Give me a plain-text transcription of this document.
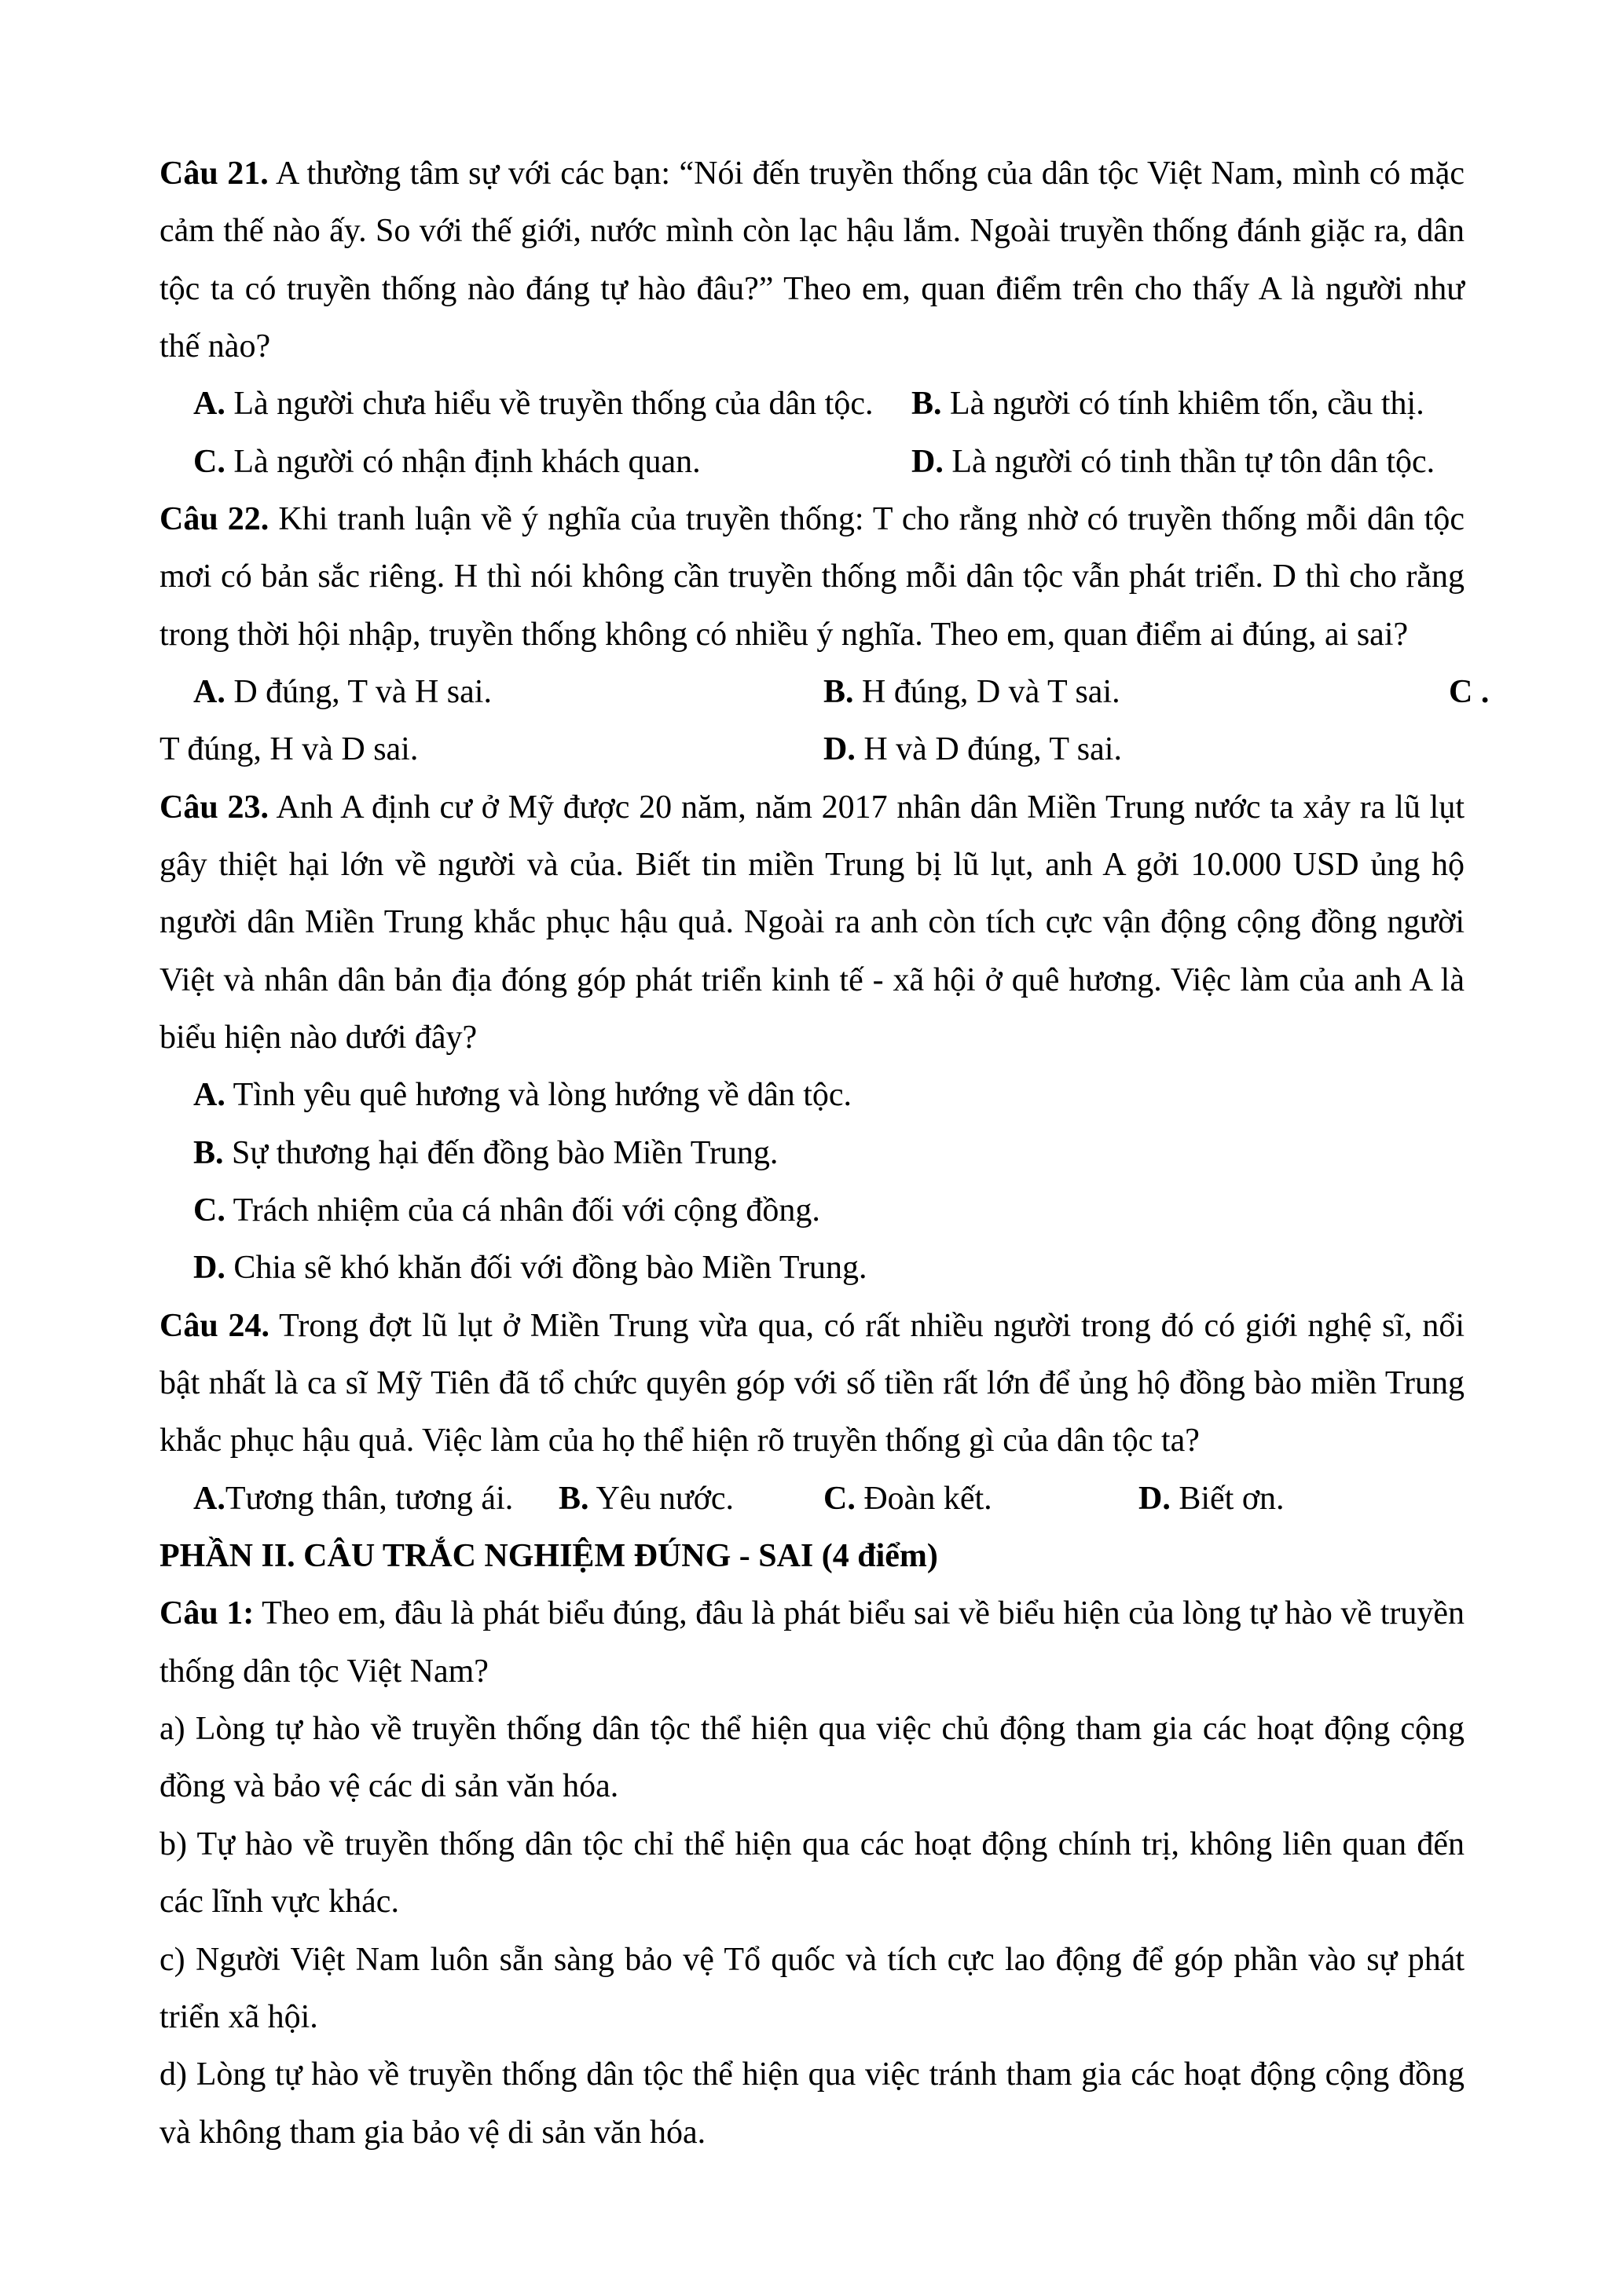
Câu 21. A thường tâm sự với các bạn: “Nói đến truyền thống của dân tộc Việt Nam, mình có mặc cảm thế nào ấy. So với thế giới, nước mình còn lạc hậu lắm. Ngoài truyền thống đánh giặc ra, dân tộc ta có truyền thống nào đáng tự hào đâu?” Theo em, quan điểm trên cho thấy A là người như thế nào?

A. Là người chưa hiểu về truyền thống của dân tộc. B. Là người có tính khiêm tốn, cầu thị.
C. Là người có nhận định khách quan.	D. Là người có tinh thần tự tôn dân tộc.

Câu 22. Khi tranh luận về ý nghĩa của truyền thống: T cho rằng nhờ có truyền thống mỗi dân tộc mơi có bản sắc riêng. H thì nói không cần truyền thống mỗi dân tộc vẫn phát triển. D thì cho rằng trong thời hội nhập, truyền thống không có nhiều ý nghĩa. Theo em, quan điểm ai đúng, ai sai?

A. D đúng, T và H sai.	B. H đúng, D và T sai.	C .
T đúng, H và D sai.	D. H và D đúng, T sai.

Câu 23. Anh A định cư ở Mỹ được 20 năm, năm 2017 nhân dân Miền Trung nước ta xảy ra lũ lụt gây thiệt hại lớn về người và của. Biết tin miền Trung bị lũ lụt, anh A gởi 10.000 USD ủng hộ người dân Miền Trung khắc phục hậu quả. Ngoài ra anh còn tích cực vận động cộng đồng người Việt và nhân dân bản địa đóng góp phát triển kinh tế - xã hội ở quê hương. Việc làm của anh A là biểu hiện nào dưới đây?

A. Tình yêu quê hương và lòng hướng về dân tộc.
B. Sự thương hại đến đồng bào Miền Trung.
C. Trách nhiệm của cá nhân đối với cộng đồng.
D. Chia sẽ khó khăn đối với đồng bào Miền Trung.

Câu 24. Trong đợt lũ lụt ở Miền Trung vừa qua, có rất nhiều người trong đó có giới nghệ sĩ, nổi bật nhất là ca sĩ Mỹ Tiên đã tổ chức quyên góp với số tiền rất lớn để ủng hộ đồng bào miền Trung khắc phục hậu quả. Việc làm của họ thể hiện rõ truyền thống gì của dân tộc ta?

A.Tương thân, tương ái. B. Yêu nước.	C. Đoàn kết.	D. Biết ơn.

PHẦN II. CÂU TRẮC NGHIỆM ĐÚNG - SAI (4 điểm)

Câu 1: Theo em, đâu là phát biểu đúng, đâu là phát biểu sai về biểu hiện của lòng tự hào về truyền thống dân tộc Việt Nam?

a) Lòng tự hào về truyền thống dân tộc thể hiện qua việc chủ động tham gia các hoạt động cộng đồng và bảo vệ các di sản văn hóa.

b) Tự hào về truyền thống dân tộc chỉ thể hiện qua các hoạt động chính trị, không liên quan đến các lĩnh vực khác.

c) Người Việt Nam luôn sẵn sàng bảo vệ Tổ quốc và tích cực lao động để góp phần vào sự phát triển xã hội.

d) Lòng tự hào về truyền thống dân tộc thể hiện qua việc tránh tham gia các hoạt động cộng đồng và không tham gia bảo vệ di sản văn hóa.
